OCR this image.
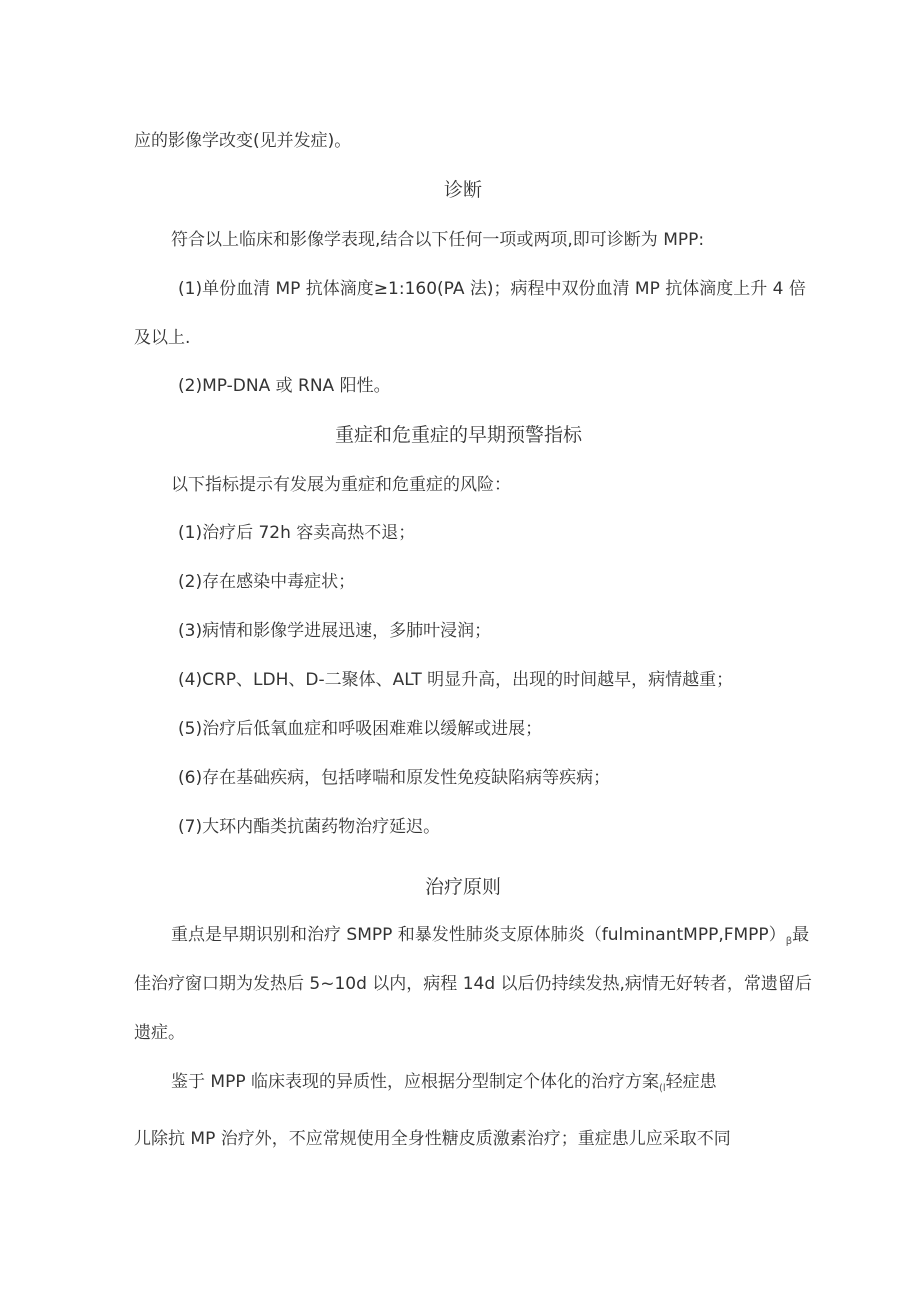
应的影像学改变(见并发症)。

诊断

符合以上临床和影像学表现,结合以下任何一项或两项,即可诊断为 MPP:

(1)单份血清 MP 抗体滴度≥1:160(PA 法)；病程中双份血清 MP 抗体滴度上升 4 倍

及以上.

(2)MP-DNA 或 RNA 阳性。

重症和危重症的早期预警指标

以下指标提示有发展为重症和危重症的风险：

(1)治疗后 72h 容卖高热不退；

(2)存在感染中毒症状；

(3)病情和影像学进展迅速，多肺叶浸润；

(4)CRP、LDH、D-二聚体、ALT 明显升高，出现的时间越早，病情越重；

(5)治疗后低氧血症和呼吸困难难以缓解或进展；

(6)存在基础疾病，包括哮喘和原发性免疫缺陷病等疾病；

(7)大环内酯类抗菌药物治疗延迟。

治疗原则

重点是早期识别和治疗 SMPP 和暴发性肺炎支原体肺炎$(fulminantMPP,FMPP)_\beta$最

佳治疗窗口期为发热后 5~10d 以内，病程 14d 以后仍持续发热,病情无好转者，常遗留后

遗症。

鉴于 MPP 临床表现的异质性，应根据分型制定个体化的治疗方案$_{(l}$轻症患

儿除抗 MP 治疗外，不应常规使用全身性糖皮质激素治疗；重症患儿应采取不同
